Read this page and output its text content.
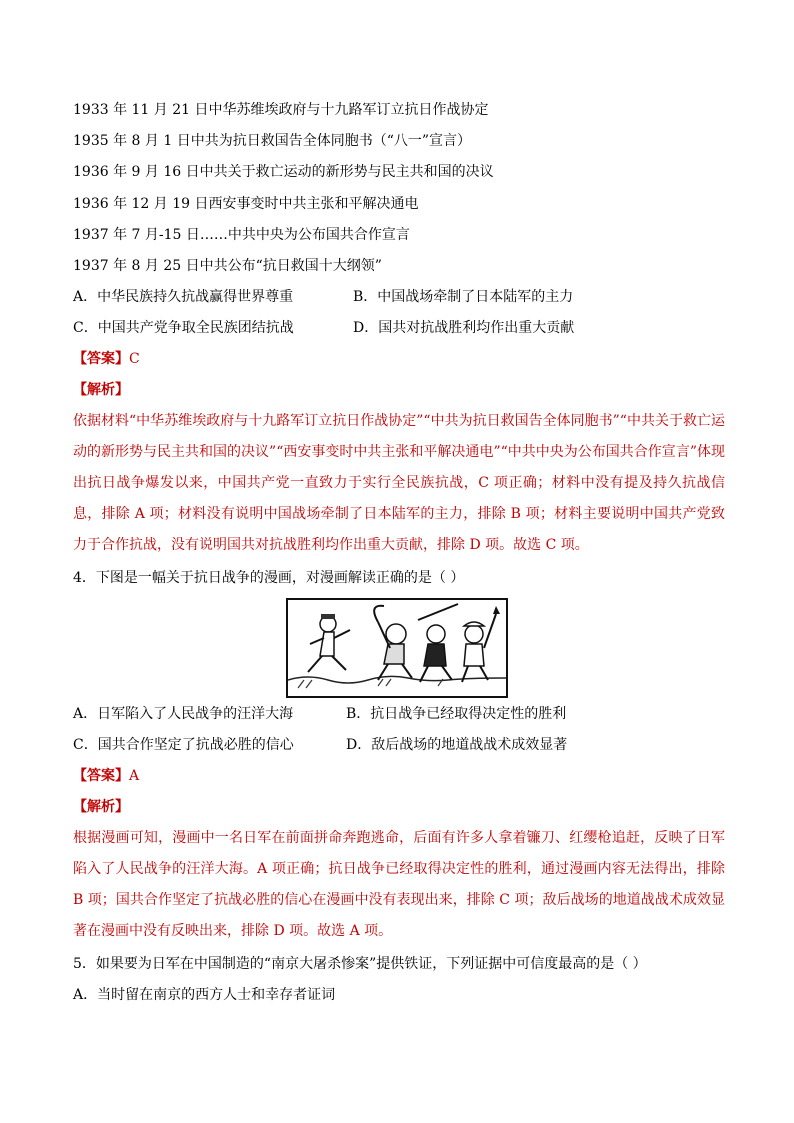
1933 年 11 月 21 日中华苏维埃政府与十九路军订立抗日作战协定
1935 年 8 月 1 日中共为抗日救国告全体同胞书（“八一”宣言）
1936 年 9 月 16 日中共关于救亡运动的新形势与民主共和国的决议
1936 年 12 月 19 日西安事变时中共主张和平解决通电
1937 年 7 月-15 日……中共中央为公布国共合作宣言
1937 年 8 月 25 日中共公布“抗日救国十大纲领”
A．中华民族持久抗战赢得世界尊重	B．中国战场牵制了日本陆军的主力
C．中国共产党争取全民族团结抗战	D．国共对抗战胜利均作出重大贡献
【答案】C
【解析】
依据材料“中华苏维埃政府与十九路军订立抗日作战协定”“中共为抗日救国告全体同胞书”“中共关于救亡运动的新形势与民主共和国的决议”“西安事变时中共主张和平解决通电”“中共中央为公布国共合作宣言”体现出抗日战争爆发以来，中国共产党一直致力于实行全民族抗战，C 项正确；材料中没有提及持久抗战信息，排除 A 项；材料没有说明中国战场牵制了日本陆军的主力，排除 B 项；材料主要说明中国共产党致力于合作抗战，没有说明国共对抗战胜利均作出重大贡献，排除 D 项。故选 C 项。
4．下图是一幅关于抗日战争的漫画，对漫画解读正确的是（ ）
A．日军陷入了人民战争的汪洋大海	B．抗日战争已经取得决定性的胜利
C．国共合作坚定了抗战必胜的信心	D．敌后战场的地道战战术成效显著
【答案】A
【解析】
根据漫画可知，漫画中一名日军在前面拼命奔跑逃命，后面有许多人拿着镰刀、红缨枪追赶，反映了日军陷入了人民战争的汪洋大海。A 项正确；抗日战争已经取得决定性的胜利，通过漫画内容无法得出，排除 B 项；国共合作坚定了抗战必胜的信心在漫画中没有表现出来，排除 C 项；敌后战场的地道战战术成效显著在漫画中没有反映出来，排除 D 项。故选 A 项。
5．如果要为日军在中国制造的“南京大屠杀惨案”提供铁证，下列证据中可信度最高的是（ ）
A．当时留在南京的西方人士和幸存者证词
